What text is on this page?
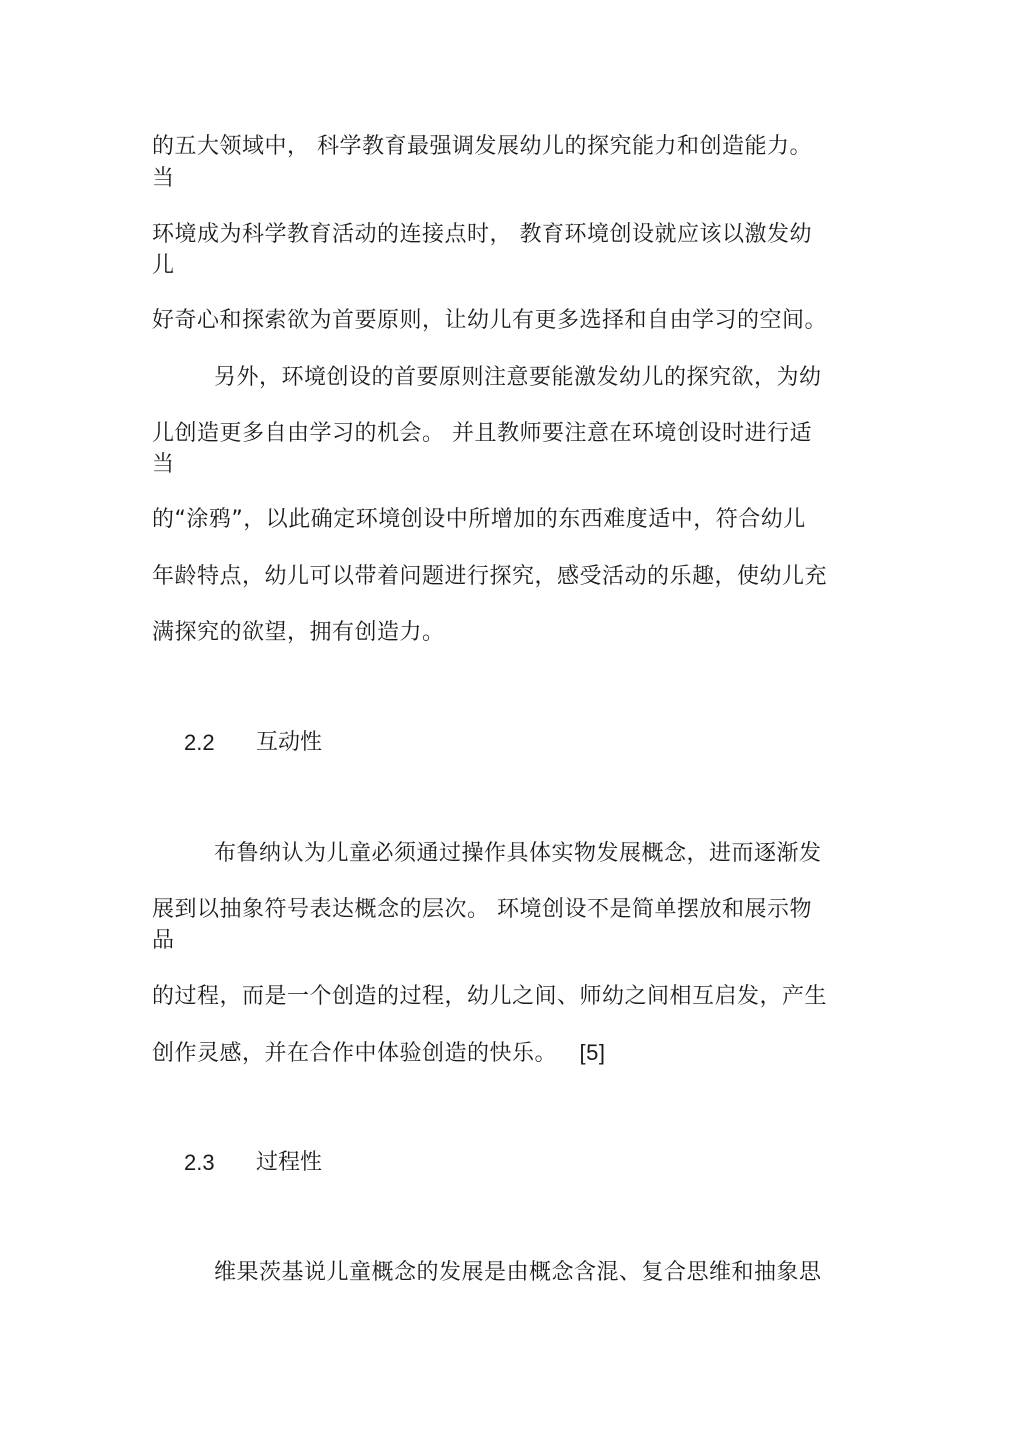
的五大领域中， 科学教育最强调发展幼儿的探究能力和创造能力。
当
环境成为科学教育活动的连接点时， 教育环境创设就应该以激发幼
儿
好奇心和探索欲为首要原则，让幼儿有更多选择和自由学习的空间。
另外，环境创设的首要原则注意要能激发幼儿的探究欲，为幼
儿创造更多自由学习的机会。 并且教师要注意在环境创设时进行适
当
的“涂鸦”，以此确定环境创设中所增加的东西难度适中，符合幼儿
年龄特点，幼儿可以带着问题进行探究，感受活动的乐趣，使幼儿充
满探究的欲望，拥有创造力。
2.2 互动性
布鲁纳认为儿童必须通过操作具体实物发展概念，进而逐渐发
展到以抽象符号表达概念的层次。 环境创设不是简单摆放和展示物
品
的过程，而是一个创造的过程，幼儿之间、师幼之间相互启发，产生
创作灵感，并在合作中体验创造的快乐。 [5]
2.3 过程性
维果茨基说儿童概念的发展是由概念含混、复合思维和抽象思
